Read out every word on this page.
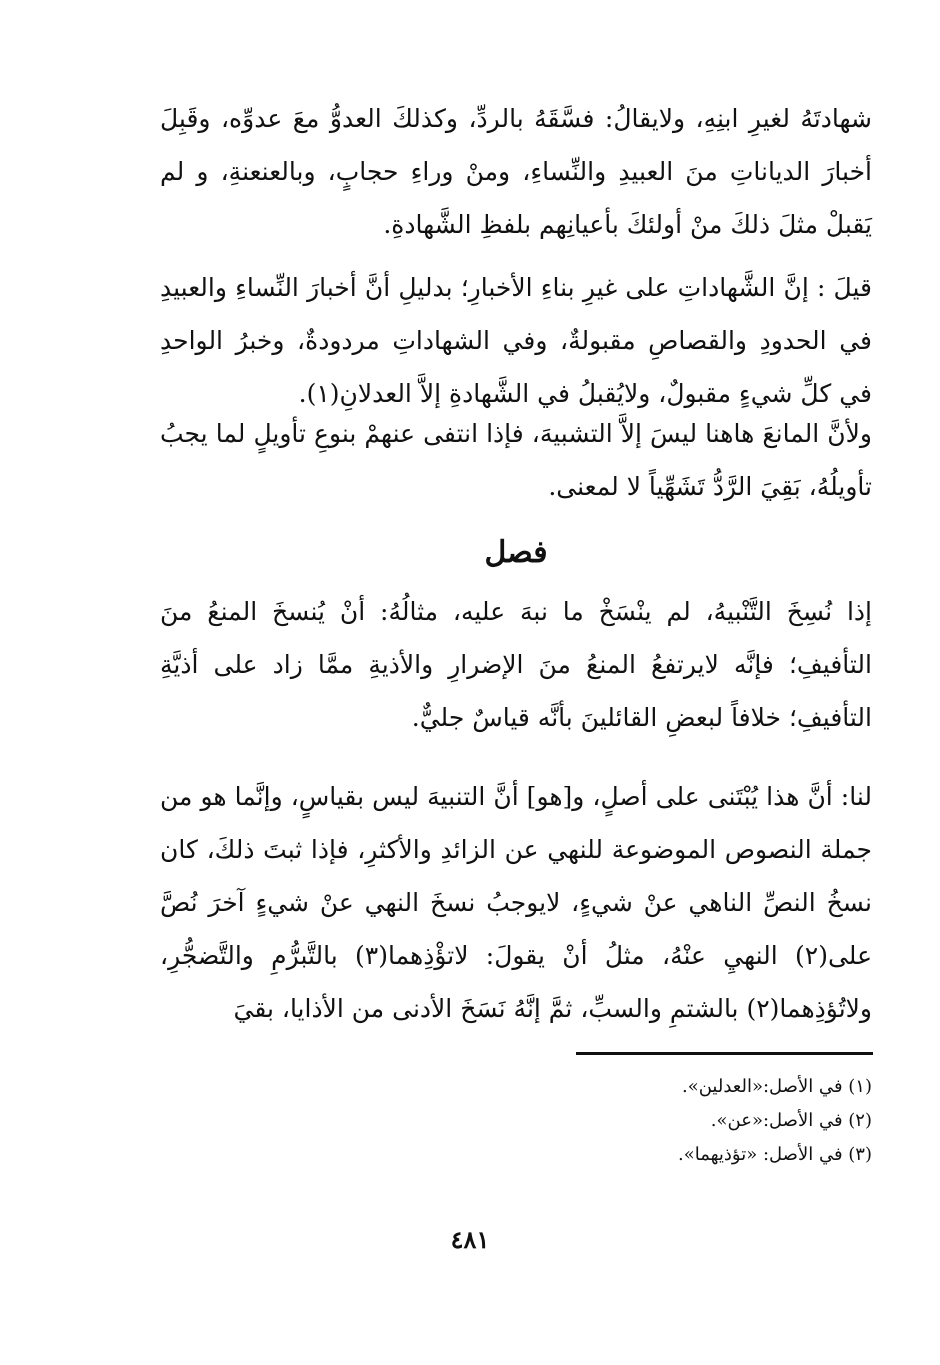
شهادتَهُ لغيرِ ابنِهِ، ولايقالُ: فسَّقَهُ بالردِّ، وكذلكَ العدوُّ معَ عدوِّه، وقَبِلَ أخبارَ الدياناتِ منَ العبيدِ والنِّساءِ، ومنْ وراءِ حجابٍ، وبالعنعنةِ، و لم يَقبلْ مثلَ ذلكَ منْ أولئكَ بأعيانِهم بلفظِ الشَّهادةِ.

قيلَ : إنَّ الشَّهاداتِ على غيرِ بناءِ الأخبارِ؛ بدليلِ أنَّ أخبارَ النِّساءِ والعبيدِ في الحدودِ والقصاصِ مقبولةٌ، وفي الشهاداتِ مردودةٌ، وخبرُ الواحدِ في كلِّ شيءٍ مقبولٌ، ولايُقبلُ في الشَّهادةِ إلاَّ العدلانِ(١).

ولأنَّ المانعَ هاهنا ليسَ إلاَّ التشبيهَ، فإذا انتفى عنهمْ بنوعِ تأويلٍ لما يجبُ تأويلُهُ، بَقِيَ الرَّدُّ تَشَهِّياً لا لمعنى.

فصل

إذا نُسِخَ التَّنْبيهُ، لم ينْسَخْ ما نبهَ عليه، مثالُهُ: أنْ يُنسخَ المنعُ منَ التأفيفِ؛ فإنَّه لايرتفعُ المنعُ منَ الإضرارِ والأذيةِ ممَّا زاد على أذيَّةِ التأفيفِ؛ خلافاً لبعضِ القائلينَ بأنَّه قياسٌ جليٌّ.

لنا: أنَّ هذا يُبْتَنى على أصلٍ، و[هو] أنَّ التنبيهَ ليس بقياسٍ، وإنَّما هو من جملة النصوص الموضوعة للنهي عن الزائدِ والأكثرِ، فإذا ثبتَ ذلكَ، كان نسخُ النصِّ الناهي عنْ شيءٍ، لايوجبُ نسخَ النهي عنْ شيءٍ آخرَ نُصَّ على(٢) النهيِ عنْهُ، مثلُ أنْ يقولَ: لاتؤْذِهما(٣) بالتَّبرُّمِ والتَّضجُّرِ، ولاتُؤذِهما(٢) بالشتمِ والسبِّ، ثمَّ إنَّهُ نَسَخَ الأدنى من الأذايا، بقيَ

(١) في الأصل:«العدلين».

(٢) في الأصل:«عن».

(٣) في الأصل: «تؤذيهما».

٤٨١
